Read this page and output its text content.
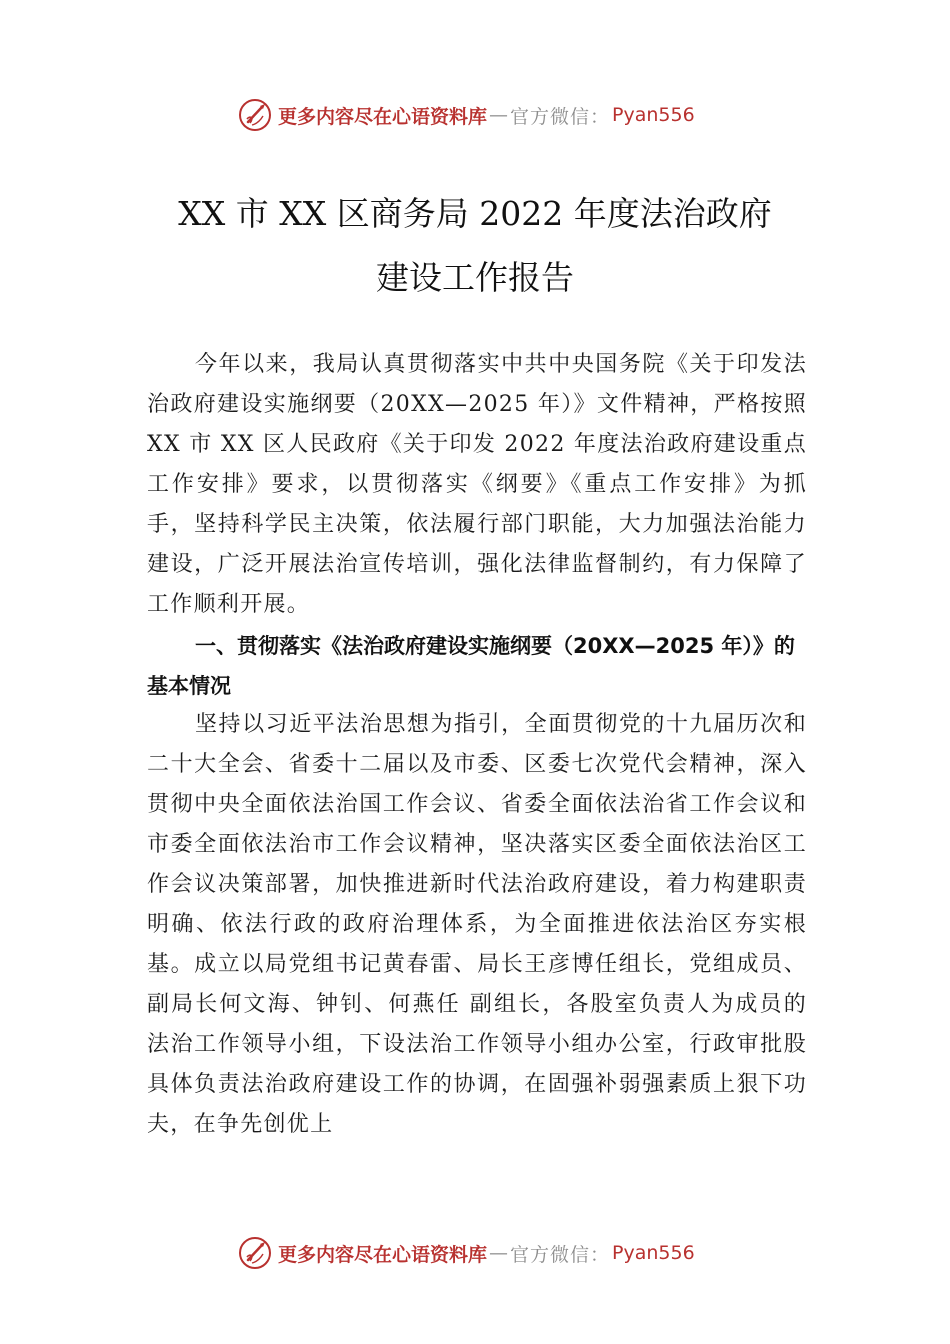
更多内容尽在心语资料库 — 官方微信： Pyan556
XX 市 XX 区商务局 2022 年度法治政府
建设工作报告
今年以来，我局认真贯彻落实中共中央国务院《关于印发法治政府建设实施纲要（20XX—2025 年）》文件精神，严格按照 XX 市 XX 区人民政府《关于印发 2022 年度法治政府建设重点工作安排》要求，以贯彻落实《纲要》《重点工作安排》为抓手，坚持科学民主决策，依法履行部门职能，大力加强法治能力建设，广泛开展法治宣传培训，强化法律监督制约，有力保障了工作顺利开展。
一、贯彻落实《法治政府建设实施纲要（20XX—2025 年）》的基本情况
坚持以习近平法治思想为指引，全面贯彻党的十九届历次和二十大全会、省委十二届以及市委、区委七次党代会精神，深入贯彻中央全面依法治国工作会议、省委全面依法治省工作会议和市委全面依法治市工作会议精神，坚决落实区委全面依法治区工作会议决策部署，加快推进新时代法治政府建设，着力构建职责明确、依法行政的政府治理体系，为全面推进依法治区夯实根基。成立以局党组书记黄春雷、局长王彦博任组长，党组成员、副局长何文海、钟钊、何燕任 副组长，各股室负责人为成员的法治工作领导小组，下设法治工作领导小组办公室，行政审批股具体负责法治政府建设工作的协调，在固强补弱强素质上狠下功夫，在争先创优上
更多内容尽在心语资料库 — 官方微信： Pyan556
